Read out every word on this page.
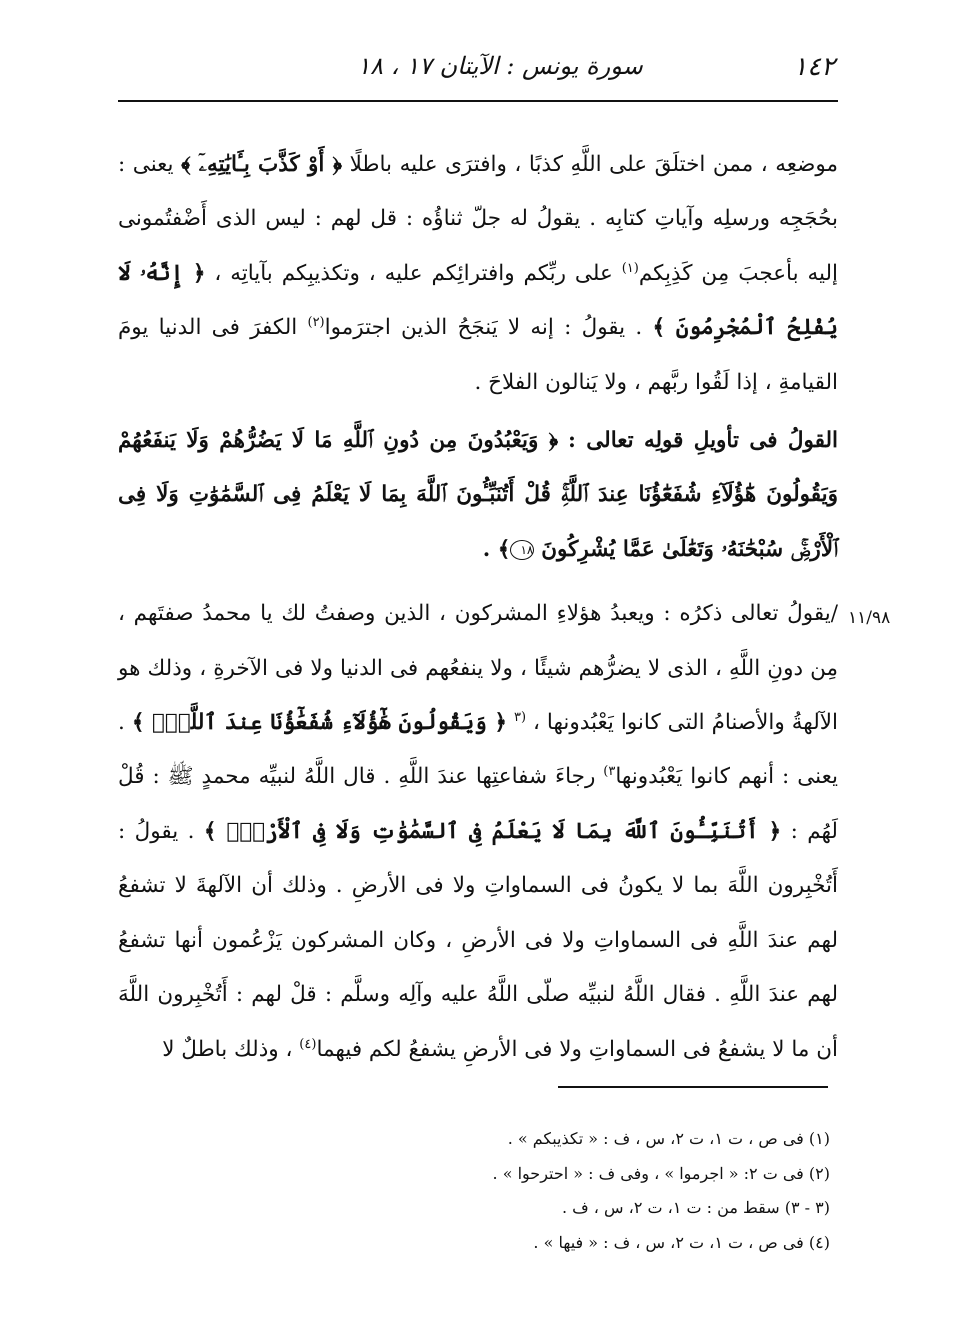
١٤٢
سورة يونس : الآيتان ١٧ ، ١٨
١١/٩٨

موضعِه ، ممن اختلَقَ على اللَّهِ كذبًا ، وافترَى عليه باطلًا ﴿ أَوْ كَذَّبَ بِـَٔايَٰتِهِۦٓ ﴾ يعنى : بحُجَجِه ورسلِه وآياتِ كتابِه . يقولُ له جلّ ثناؤُه : قل لهم : ليس الذى أَضْفتُمونى إليه بأعجبَ مِن كَذِبِكم$^{(١)}$ على ربِّكم وافترائِكم عليه ، وتكذيبِكم بآياتِه ، ﴿ إِنَّهُۥ لَا يُفْلِحُ ٱلْمُجْرِمُونَ ﴾ . يقولُ : إنه لا يَنجَحُ الذين اجترَموا$^{(٢)}$ الكفرَ فى الدنيا يومَ القيامةِ ، إذا لَقُوا ربَّهم ، ولا يَنالون الفلاحَ .

القولُ فى تأويلِ قولِه تعالى : ﴿ وَيَعْبُدُونَ مِن دُونِ ٱللَّهِ مَا لَا يَضُرُّهُمْ وَلَا يَنفَعُهُمْ وَيَقُولُونَ هَٰٓؤُلَآءِ شُفَعَٰٓؤُنَا عِندَ ٱللَّهِۚ قُلْ أَتُنَبِّـُٔونَ ٱللَّهَ بِمَا لَا يَعْلَمُ فِى ٱلسَّمَٰوَٰتِ وَلَا فِى ٱلْأَرْضِۚ سُبْحَٰنَهُۥ وَتَعَٰلَىٰ عَمَّا يُشْرِكُونَ ١٨﴾ .

/يقولُ تعالى ذكرُه : ويعبدُ هؤلاءِ المشركون ، الذين وصفتُ لك يا محمدُ صفتَهم ، مِن دونِ اللَّهِ ، الذى لا يضرُّهم شيئًا ، ولا ينفعُهم فى الدنيا ولا فى الآخرةِ ، وذلك هو الآلهةُ والأصنامُ التى كانوا يَعْبُدونها ، $^{(٣}$ ﴿ وَيَقُولُونَ هَٰٓؤُلَآءِ شُفَعَٰٓؤُنَا عِندَ ٱللَّهِۚ ﴾ . يعنى : أنهم كانوا يَعْبُدونها$^{٣)}$ رجاءَ شفاعتِها عندَ اللَّهِ . قال اللَّهُ لنبيِّه محمدٍ ﷺ : قُلْ لَهُم : ﴿ أَتُنَبِّـُٔونَ ٱللَّهَ بِمَا لَا يَعْلَمُ فِى ٱلسَّمَٰوَٰتِ وَلَا فِى ٱلْأَرْضِۚ ﴾ . يقولُ : أَتُخْبِرون اللَّهَ بما لا يكونُ فى السماواتِ ولا فى الأرضِ . وذلك أن الآلهةَ لا تشفعُ لهم عندَ اللَّهِ فى السماواتِ ولا فى الأرضِ ، وكان المشركون يَزْعُمون أنها تشفعُ لهم عندَ اللَّهِ . فقال اللَّهُ لنبيِّه صلّى اللَّهُ عليه وآلِه وسلَّم : قلْ لهم : أَتُخْبِرون اللَّهَ أن ما لا يشفعُ فى السماواتِ ولا فى الأرضِ يشفعُ لكم فيهما$^{(٤)}$ ، وذلك باطلٌ لا

(١) فى ص ، ت ١، ت ٢، س ، ف : « تكذيبكم » .

(٢) فى ت ٢: « اجرموا » ، وفى ف : « احترحوا » .

(٣ - ٣) سقط من : ت ١، ت ٢، س ، ف .

(٤) فى ص ، ت ١، ت ٢، س ، ف : « فيها » .
